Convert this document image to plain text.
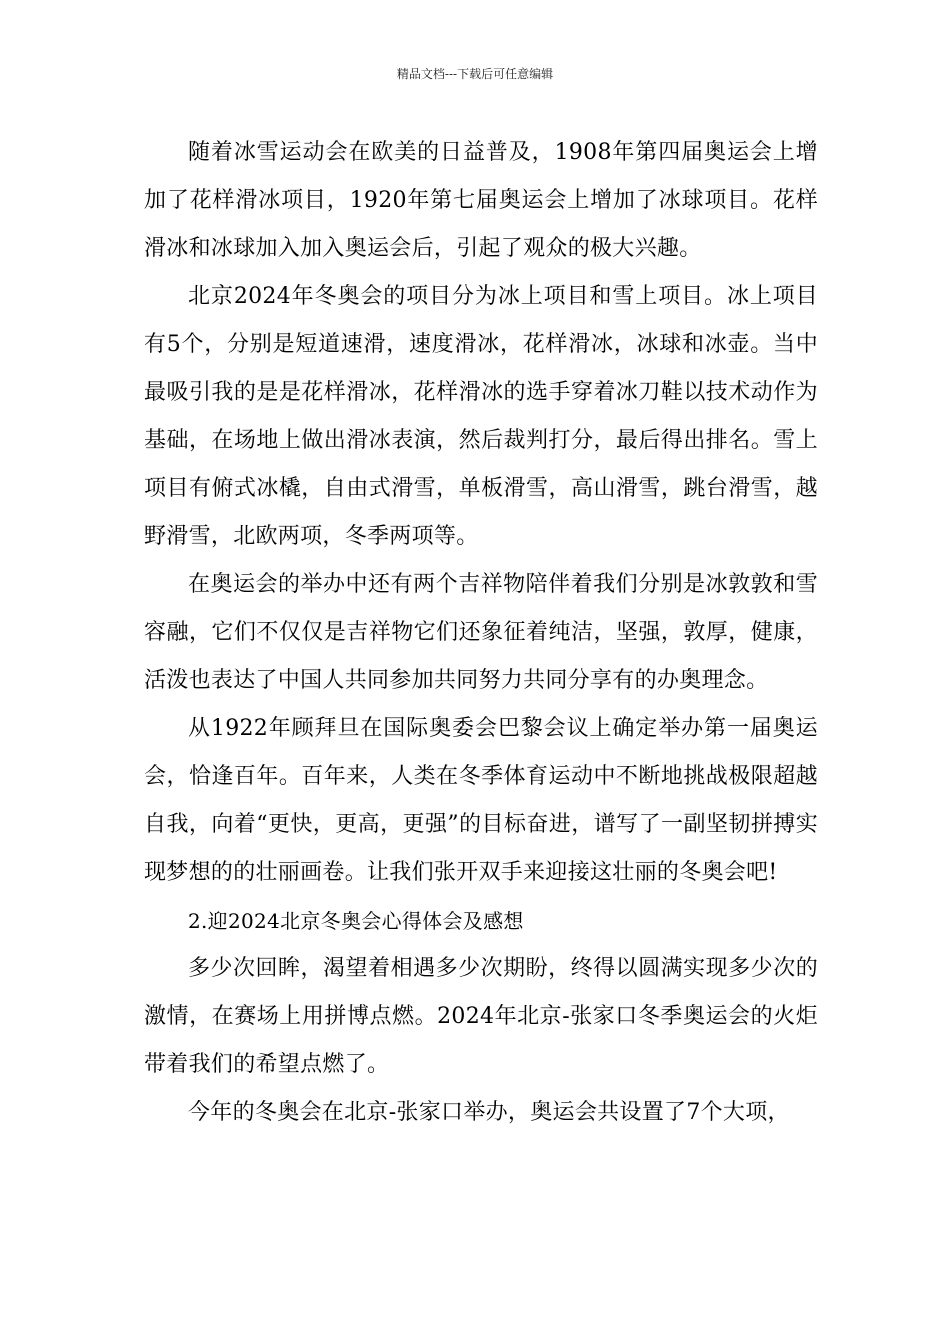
精品文档---下载后可任意编辑

随着冰雪运动会在欧美的日益普及，1908年第四届奥运会上增加了花样滑冰项目，1920年第七届奥运会上增加了冰球项目。花样滑冰和冰球加入加入奥运会后，引起了观众的极大兴趣。

北京2024年冬奥会的项目分为冰上项目和雪上项目。冰上项目有5个，分别是短道速滑，速度滑冰，花样滑冰，冰球和冰壶。当中最吸引我的是是花样滑冰，花样滑冰的选手穿着冰刀鞋以技术动作为基础，在场地上做出滑冰表演，然后裁判打分，最后得出排名。雪上项目有俯式冰橇，自由式滑雪，单板滑雪，高山滑雪，跳台滑雪，越野滑雪，北欧两项，冬季两项等。

在奥运会的举办中还有两个吉祥物陪伴着我们分别是冰敦敦和雪容融，它们不仅仅是吉祥物它们还象征着纯洁，坚强，敦厚，健康，活泼也表达了中国人共同参加共同努力共同分享有的办奥理念。

从1922年顾拜旦在国际奥委会巴黎会议上确定举办第一届奥运会，恰逢百年。百年来，人类在冬季体育运动中不断地挑战极限超越自我，向着“更快，更高，更强”的目标奋进，谱写了一副坚韧拼搏实现梦想的的壮丽画卷。让我们张开双手来迎接这壮丽的冬奥会吧!

2.迎2024北京冬奥会心得体会及感想

多少次回眸，渴望着相遇多少次期盼，终得以圆满实现多少次的激情，在赛场上用拼博点燃。2024年北京-张家口冬季奥运会的火炬带着我们的希望点燃了。

今年的冬奥会在北京-张家口举办，奥运会共设置了7个大项，
